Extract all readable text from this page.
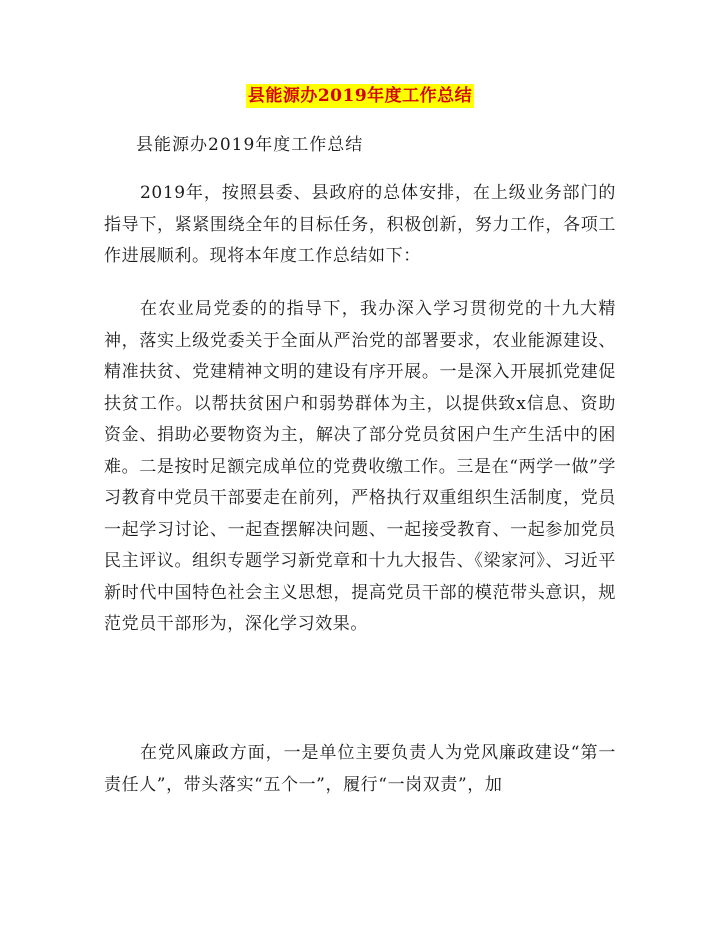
县能源办2019年度工作总结
县能源办2019年度工作总结

2019年，按照县委、县政府的总体安排，在上级业务部门的指导下，紧紧围绕全年的目标任务，积极创新，努力工作，各项工作进展顺利。现将本年度工作总结如下：

在农业局党委的的指导下，我办深入学习贯彻党的十九大精神，落实上级党委关于全面从严治党的部署要求，农业能源建设、精准扶贫、党建精神文明的建设有序开展。一是深入开展抓党建促扶贫工作。以帮扶贫困户和弱势群体为主，以提供致x信息、资助资金、捐助必要物资为主，解决了部分党员贫困户生产生活中的困难。二是按时足额完成单位的党费收缴工作。三是在“两学一做”学习教育中党员干部要走在前列，严格执行双重组织生活制度，党员一起学习讨论、一起查摆解决问题、一起接受教育、一起参加党员民主评议。组织专题学习新党章和十九大报告、《梁家河》、习近平新时代中国特色社会主义思想，提高党员干部的模范带头意识，规范党员干部形为，深化学习效果。

在党风廉政方面，一是单位主要负责人为党风廉政建设“第一责任人”，带头落实“五个一”，履行“一岗双责”，加
